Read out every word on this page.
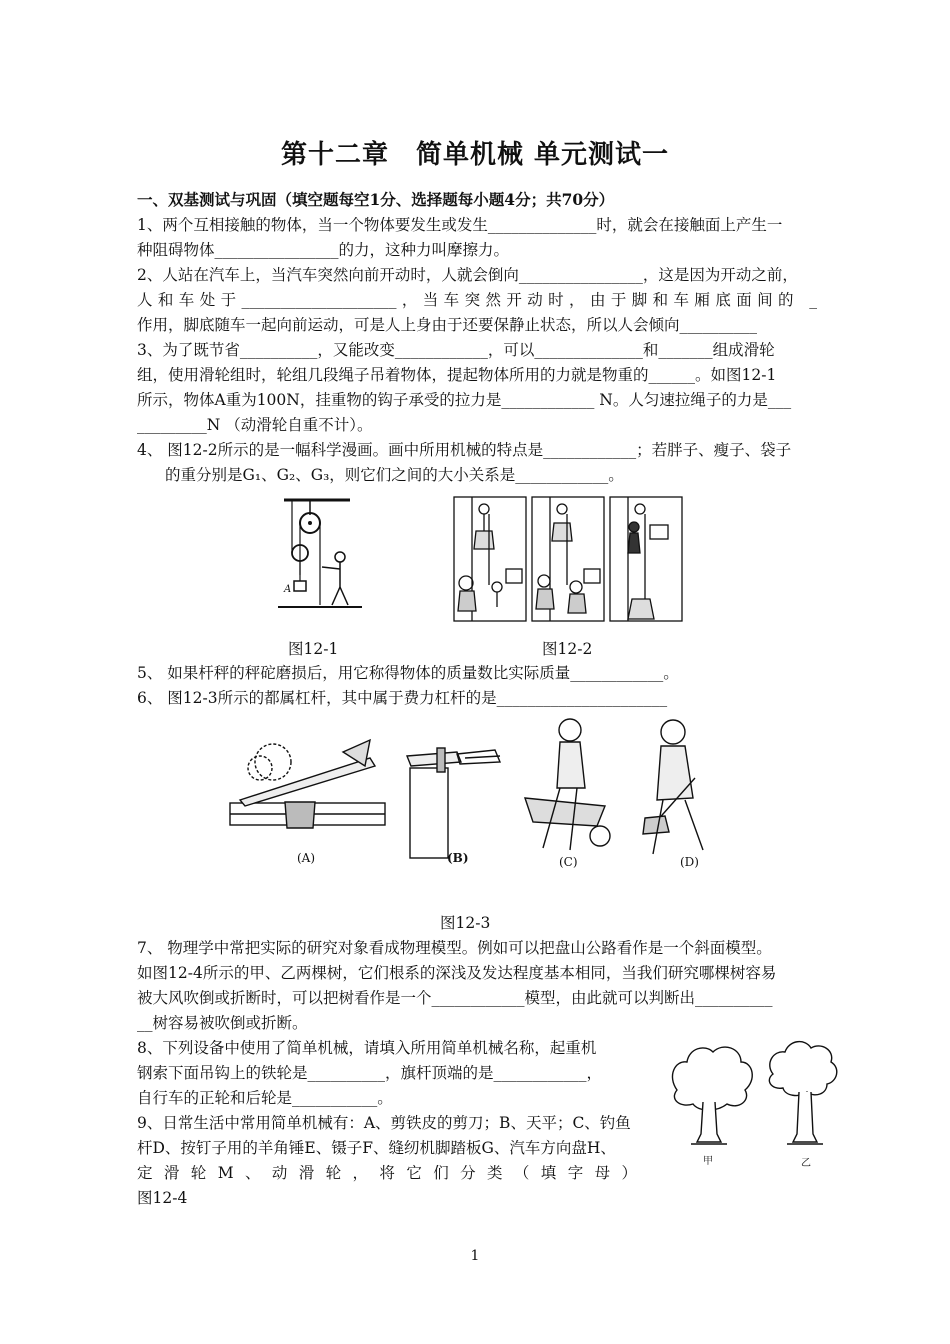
第十二章　简单机械 单元测试一
一、双基测试与巩固（填空题每空1分、选择题每小题4分；共70分）
1、两个互相接触的物体，当一个物体要发生或发生______________时，就会在接触面上产生一
种阻碍物体________________的力，这种力叫摩擦力。
2、人站在汽车上，当汽车突然向前开动时，人就会倒向________________，这是因为开动之前，
人和车处于____________________，当车突然开动时，由于脚和车厢底面间的 _
作用，脚底随车一起向前运动，可是人上身由于还要保静止状态，所以人会倾向__________
3、为了既节省__________，又能改变____________，可以______________和_______组成滑轮
组，使用滑轮组时，轮组几段绳子吊着物体，提起物体所用的力就是物重的______。如图12-1
所示，物体A重为100N，挂重物的钩子承受的拉力是____________ N。人匀速拉绳子的力是___
_________N （动滑轮自重不计）。
4、 图12-2所示的是一幅科学漫画。画中所用机械的特点是____________；若胖子、瘦子、袋子
的重分别是G₁、G₂、G₃，则它们之间的大小关系是____________。
A
图12-1	图12-2
5、 如果杆秤的秤砣磨损后，用它称得物体的质量数比实际质量____________。
6、 图12-3所示的都属杠杆，其中属于费力杠杆的是______________________
(A)	(B)	(C)	(D)
图12-3
7、 物理学中常把实际的研究对象看成物理模型。例如可以把盘山公路看作是一个斜面模型。
如图12-4所示的甲、乙两棵树，它们根系的深浅及发达程度基本相同，当我们研究哪棵树容易
被大风吹倒或折断时，可以把树看作是一个____________模型，由此就可以判断出__________
__树容易被吹倒或折断。
8、下列设备中使用了简单机械，请填入所用简单机械名称，起重机
钢索下面吊钩上的铁轮是__________，旗杆顶端的是____________，
自行车的正轮和后轮是___________。
9、日常生活中常用简单机械有：A、剪铁皮的剪刀；B、天平；C、钓鱼
杆D、按钉子用的羊角锤E、镊子F、缝纫机脚踏板G、汽车方向盘H、
定滑轮M、动滑轮，将它们分类（填字母）
图12-4
甲	乙
1
